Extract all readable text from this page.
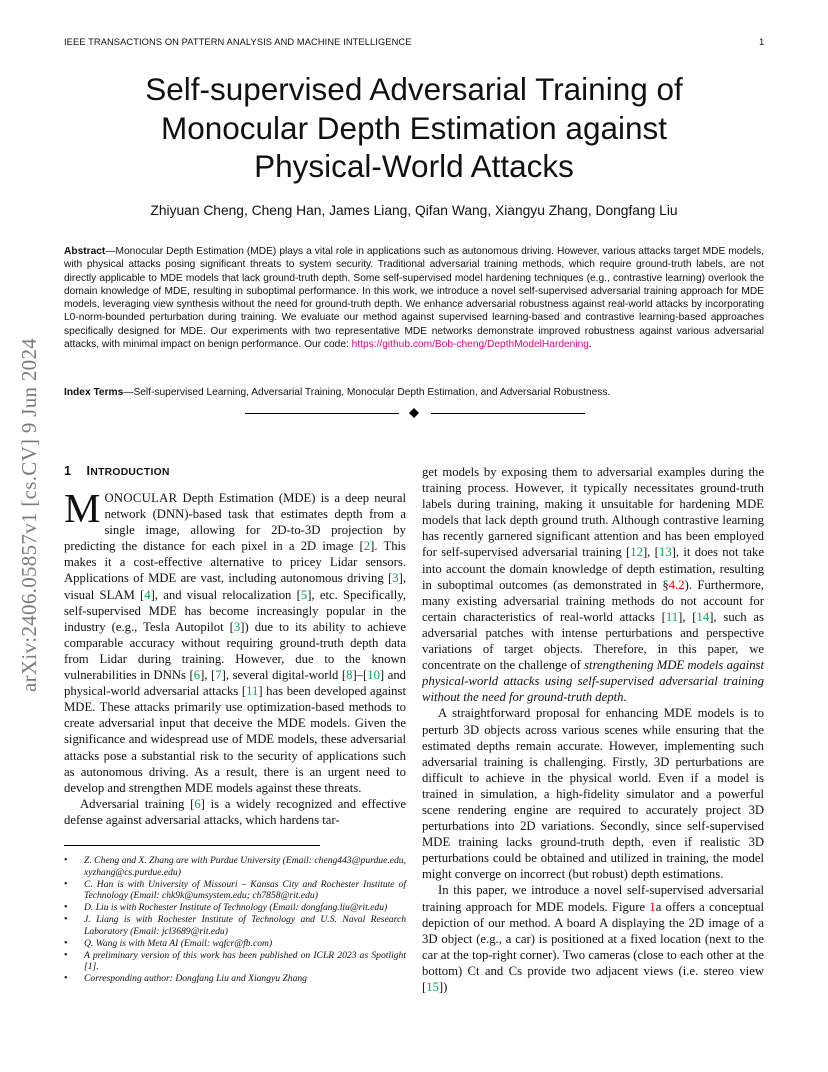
IEEE TRANSACTIONS ON PATTERN ANALYSIS AND MACHINE INTELLIGENCE	1
arXiv:2406.05857v1 [cs.CV] 9 Jun 2024
Self-supervised Adversarial Training of Monocular Depth Estimation against Physical-World Attacks
Zhiyuan Cheng, Cheng Han, James Liang, Qifan Wang, Xiangyu Zhang, Dongfang Liu
Abstract—Monocular Depth Estimation (MDE) plays a vital role in applications such as autonomous driving. However, various attacks target MDE models, with physical attacks posing significant threats to system security. Traditional adversarial training methods, which require ground-truth labels, are not directly applicable to MDE models that lack ground-truth depth. Some self-supervised model hardening techniques (e.g., contrastive learning) overlook the domain knowledge of MDE, resulting in suboptimal performance. In this work, we introduce a novel self-supervised adversarial training approach for MDE models, leveraging view synthesis without the need for ground-truth depth. We enhance adversarial robustness against real-world attacks by incorporating L0-norm-bounded perturbation during training. We evaluate our method against supervised learning-based and contrastive learning-based approaches specifically designed for MDE. Our experiments with two representative MDE networks demonstrate improved robustness against various adversarial attacks, with minimal impact on benign performance. Our code: https://github.com/Bob-cheng/DepthModelHardening.
Index Terms—Self-supervised Learning, Adversarial Training, Monocular Depth Estimation, and Adversarial Robustness.
1 INTRODUCTION

MONOCULAR Depth Estimation (MDE) is a deep neural network (DNN)-based task that estimates depth from a single image, allowing for 2D-to-3D projection by predicting the distance for each pixel in a 2D image [2]. This makes it a cost-effective alternative to pricey Lidar sensors. Applications of MDE are vast, including autonomous driving [3], visual SLAM [4], and visual relocalization [5], etc. Specifically, self-supervised MDE has become increasingly popular in the industry (e.g., Tesla Autopilot [3]) due to its ability to achieve comparable accuracy without requiring ground-truth depth data from Lidar during training. However, due to the known vulnerabilities in DNNs [6], [7], several digital-world [8]–[10] and physical-world adversarial attacks [11] has been developed against MDE. These attacks primarily use optimization-based methods to create adversarial input that deceive the MDE models. Given the significance and widespread use of MDE models, these adversarial attacks pose a substantial risk to the security of applications such as autonomous driving. As a result, there is an urgent need to develop and strengthen MDE models against these threats.

Adversarial training [6] is a widely recognized and effective defense against adversarial attacks, which hardens tar-

• Z. Cheng and X. Zhang are with Purdue University (Email: cheng443@purdue.edu, xyzhang@cs.purdue.edu)
• C. Han is with University of Missouri – Kansas City and Rochester Institute of Technology (Email: chk9k@umsystem.edu; ch7858@rit.edu)
• D. Liu is with Rochester Institute of Technology (Email: dongfang.liu@rit.edu)
• J. Liang is with Rochester Institute of Technology and U.S. Naval Research Laboratory (Email: jcl3689@rit.edu)
• Q. Wang is with Meta AI (Email: wqfcr@fb.com)
• A preliminary version of this work has been published on ICLR 2023 as Spotlight [1].
• Corresponding author: Dongfang Liu and Xiangyu Zhang

get models by exposing them to adversarial examples during the training process. However, it typically necessitates ground-truth labels during training, making it unsuitable for hardening MDE models that lack depth ground truth. Although contrastive learning has recently garnered significant attention and has been employed for self-supervised adversarial training [12], [13], it does not take into account the domain knowledge of depth estimation, resulting in suboptimal outcomes (as demonstrated in §4.2). Furthermore, many existing adversarial training methods do not account for certain characteristics of real-world attacks [11], [14], such as adversarial patches with intense perturbations and perspective variations of target objects. Therefore, in this paper, we concentrate on the challenge of strengthening MDE models against physical-world attacks using self-supervised adversarial training without the need for ground-truth depth.

A straightforward proposal for enhancing MDE models is to perturb 3D objects across various scenes while ensuring that the estimated depths remain accurate. However, implementing such adversarial training is challenging. Firstly, 3D perturbations are difficult to achieve in the physical world. Even if a model is trained in simulation, a high-fidelity simulator and a powerful scene rendering engine are required to accurately project 3D perturbations into 2D variations. Secondly, since self-supervised MDE training lacks ground-truth depth, even if realistic 3D perturbations could be obtained and utilized in training, the model might converge on incorrect (but robust) depth estimations.

In this paper, we introduce a novel self-supervised adversarial training approach for MDE models. Figure 1a offers a conceptual depiction of our method. A board A displaying the 2D image of a 3D object (e.g., a car) is positioned at a fixed location (next to the car at the top-right corner). Two cameras (close to each other at the bottom) Ct and Cs provide two adjacent views (i.e. stereo view [15])
